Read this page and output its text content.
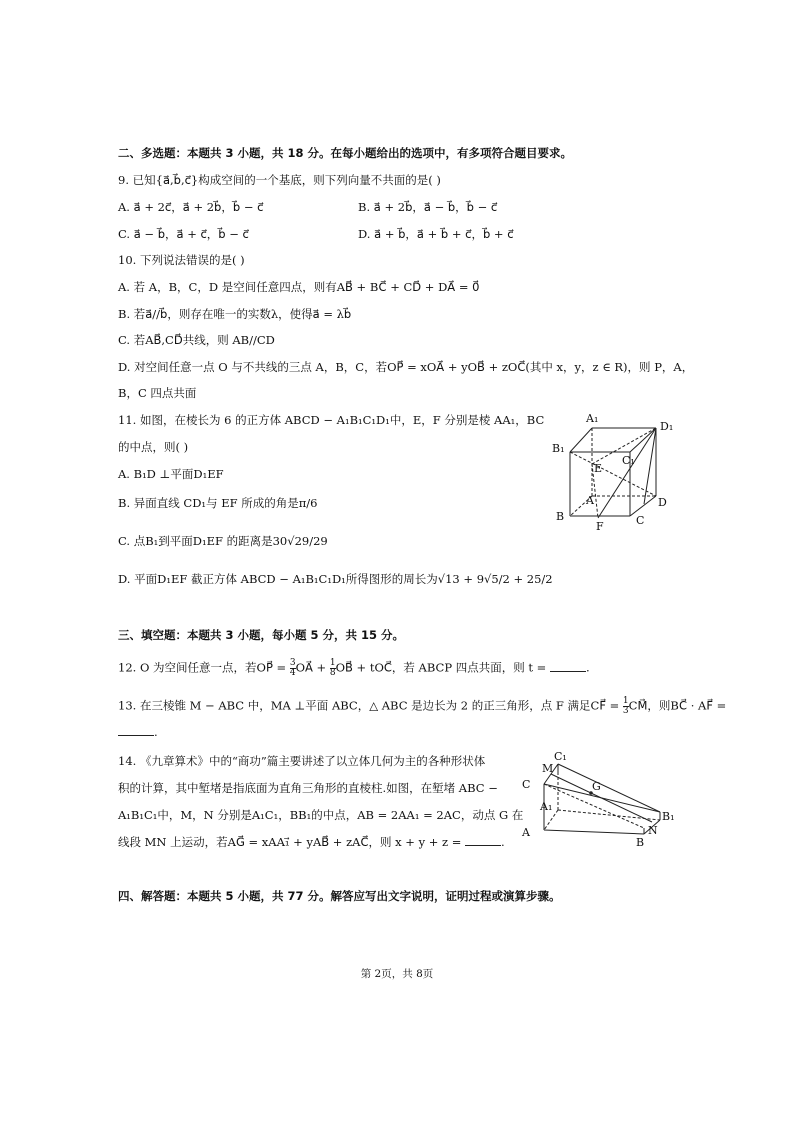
二、多选题：本题共 3 小题，共 18 分。在每小题给出的选项中，有多项符合题目要求。
9. 已知{a⃗,b⃗,c⃗}构成空间的一个基底，则下列向量不共面的是( )
A. a⃗ + 2c⃗，a⃗ + 2b⃗，b⃗ − c⃗	B. a⃗ + 2b⃗，a⃗ − b⃗，b⃗ − c⃗
C. a⃗ − b⃗，a⃗ + c⃗，b⃗ − c⃗	D. a⃗ + b⃗，a⃗ + b⃗ + c⃗，b⃗ + c⃗
10. 下列说法错误的是( )
A. 若 A，B，C，D 是空间任意四点，则有AB⃗ + BC⃗ + CD⃗ + DA⃗ = 0⃗
B. 若a⃗//b⃗，则存在唯一的实数λ，使得a⃗ = λb⃗
C. 若AB⃗,CD⃗共线，则 AB//CD
D. 对空间任意一点 O 与不共线的三点 A，B，C，若OP⃗ = xOA⃗ + yOB⃗ + zOC⃗(其中 x，y，z ∈ R)，则 P，A，
B，C 四点共面
11. 如图，在棱长为 6 的正方体 ABCD − A₁B₁C₁D₁中，E，F 分别是棱 AA₁，BC
的中点，则( )
A. B₁D ⊥平面D₁EF
B. 异面直线 CD₁与 EF 所成的角是π/6
C. 点B₁到平面D₁EF 的距离是30√29/29
D. 平面D₁EF 截正方体 ABCD − A₁B₁C₁D₁所得图形的周长为√13 + 9√5/2 + 25/2
A₁
D₁
B₁
C₁
E
A	D
B
F	C
三、填空题：本题共 3 小题，每小题 5 分，共 15 分。
12. O 为空间任意一点，若OP⃗ = $\frac{3}{4}$ OA⃗ + $\frac{1}{8}$ OB⃗ + tOC⃗，若 ABCP 四点共面，则 t =	.
13. 在三棱锥 M − ABC 中，MA ⊥平面 ABC，△ ABC 是边长为 2 的正三角形，点 F 满足CF⃗ = $\frac{1}{3}$ CM⃗，则BC⃗ · AF⃗ =
.
14. 《九章算术》中的“商功”篇主要讲述了以立体几何为主的各种形状体
积的计算，其中堑堵是指底面为直角三角形的直棱柱.如图，在堑堵 ABC −
A₁B₁C₁中，M，N 分别是A₁C₁，BB₁的中点，AB = 2AA₁ = 2AC，动点 G 在
线段 MN 上运动，若AG⃗ = xAA₁⃗ + yAB⃗ + zAC⃗，则 x + y + z =	.
C₁
C
M
G
A₁
B₁
N
A
B
四、解答题：本题共 5 小题，共 77 分。解答应写出文字说明，证明过程或演算步骤。
第 2页，共 8页
